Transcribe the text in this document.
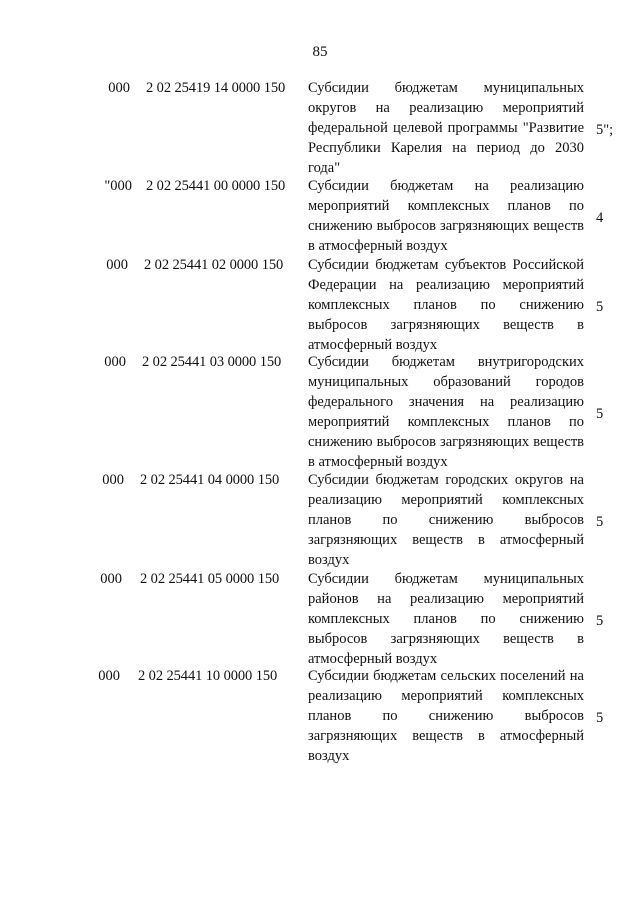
85
000 2 02 25419 14 0000 150 Субсидии бюджетам муниципальных округов на реализацию мероприятий федеральной целевой программы "Развитие Республики Карелия на период до 2030 года"
5";
"000 2 02 25441 00 0000 150 Субсидии бюджетам на реализацию мероприятий комплексных планов по снижению выбросов загрязняющих веществ в атмосферный воздух
4
000 2 02 25441 02 0000 150 Субсидии бюджетам субъектов Российской Федерации на реализацию мероприятий комплексных планов по снижению выбросов загрязняющих веществ в атмосферный воздух
5
000 2 02 25441 03 0000 150 Субсидии бюджетам внутригородских муниципальных образований городов федерального значения на реализацию мероприятий комплексных планов по снижению выбросов загрязняющих веществ в атмосферный воздух
5
000 2 02 25441 04 0000 150 Субсидии бюджетам городских округов на реализацию мероприятий комплексных планов по снижению выбросов загрязняющих веществ в атмосферный воздух
5
000 2 02 25441 05 0000 150 Субсидии бюджетам муниципальных районов на реализацию мероприятий комплексных планов по снижению выбросов загрязняющих веществ в атмосферный воздух
5
000 2 02 25441 10 0000 150 Субсидии бюджетам сельских поселений на реализацию мероприятий комплексных планов по снижению выбросов загрязняющих веществ в атмосферный воздух
5
